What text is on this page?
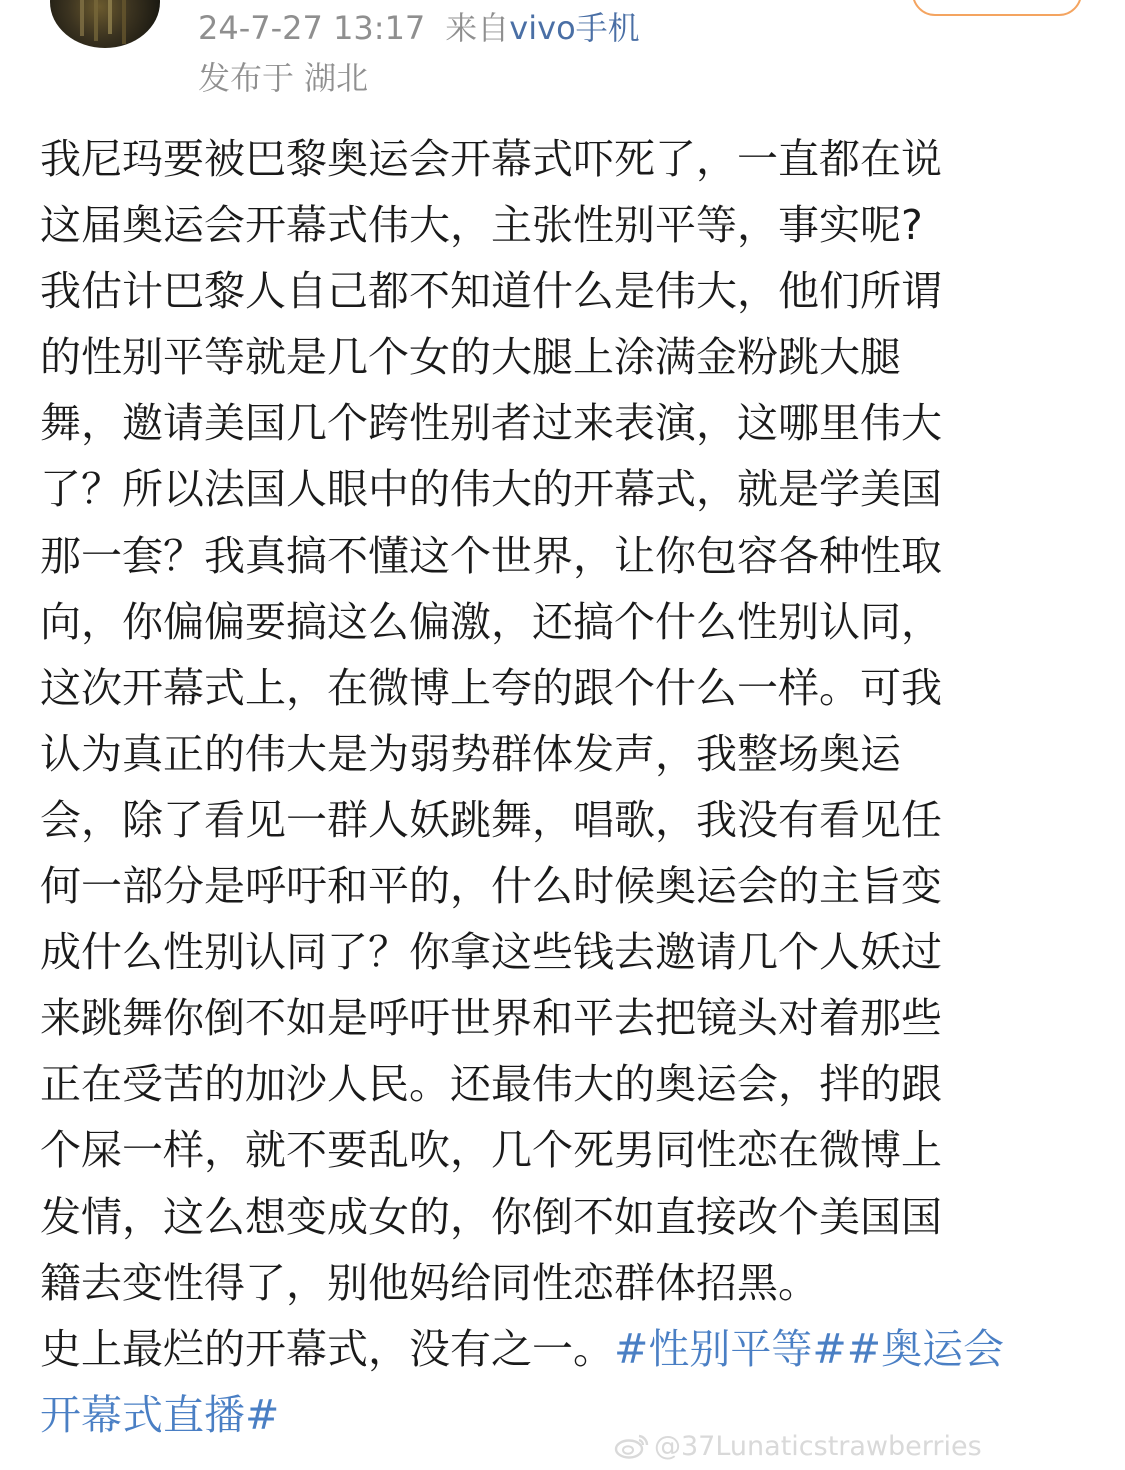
24-7-27 13:17 来自vivo手机
发布于 湖北
我尼玛要被巴黎奥运会开幕式吓死了，一直都在说
这届奥运会开幕式伟大，主张性别平等，事实呢?
我估计巴黎人自己都不知道什么是伟大，他们所谓
的性别平等就是几个女的大腿上涂满金粉跳大腿
舞，邀请美国几个跨性别者过来表演，这哪里伟大
了？所以法国人眼中的伟大的开幕式，就是学美国
那一套？我真搞不懂这个世界，让你包容各种性取
向，你偏偏要搞这么偏激，还搞个什么性别认同，
这次开幕式上，在微博上夸的跟个什么一样。可我
认为真正的伟大是为弱势群体发声，我整场奥运
会，除了看见一群人妖跳舞，唱歌，我没有看见任
何一部分是呼吁和平的，什么时候奥运会的主旨变
成什么性别认同了？你拿这些钱去邀请几个人妖过
来跳舞你倒不如是呼吁世界和平去把镜头对着那些
正在受苦的加沙人民。还最伟大的奥运会，拌的跟
个屎一样，就不要乱吹，几个死男同性恋在微博上
发情，这么想变成女的，你倒不如直接改个美国国
籍去变性得了，别他妈给同性恋群体招黑。
史上最烂的开幕式，没有之一。#性别平等##奥运会
开幕式直播#
@37Lunaticstrawberries
